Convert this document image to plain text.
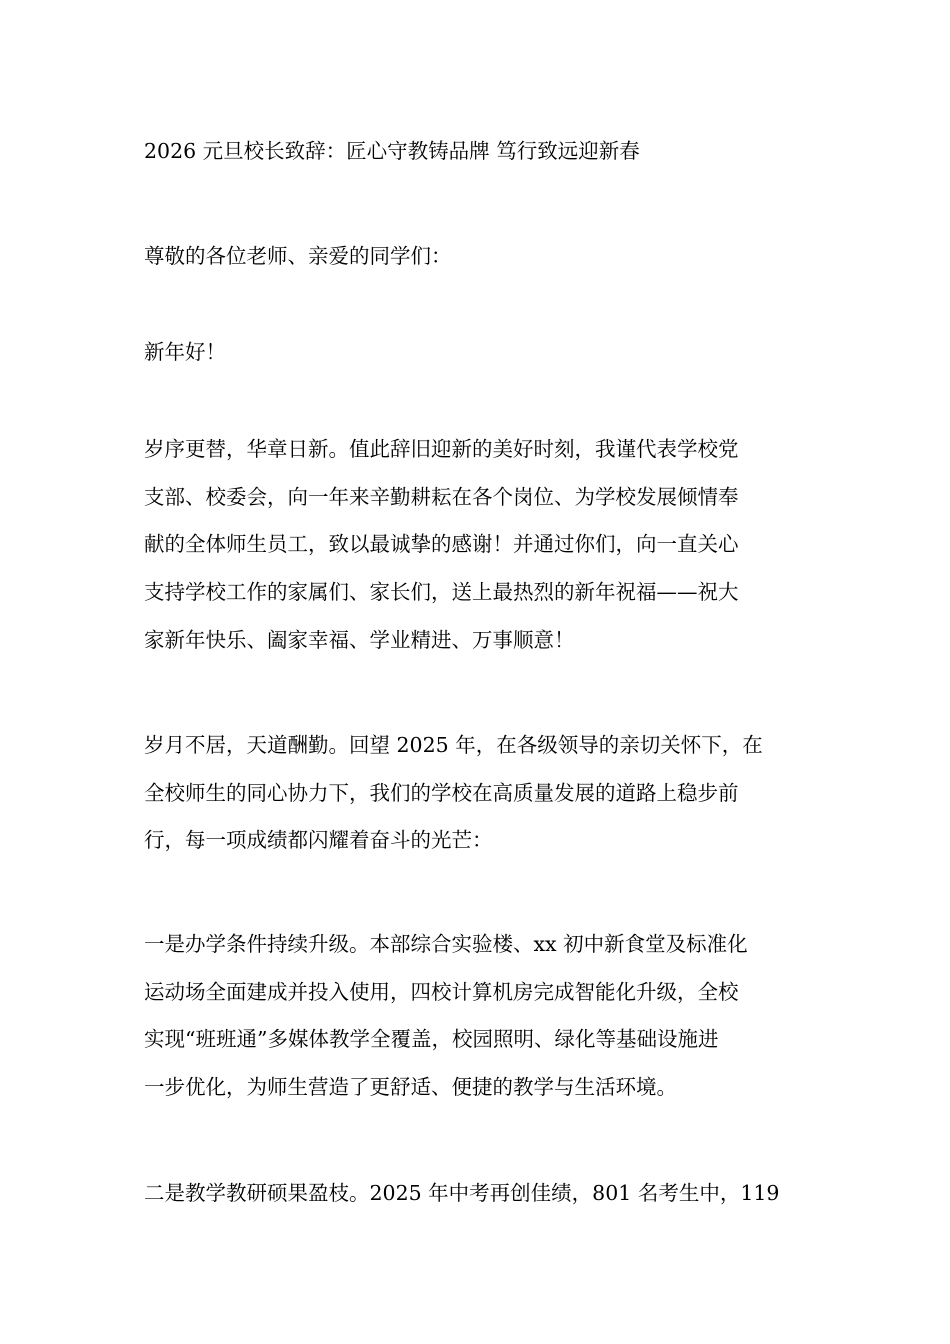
2026 元旦校长致辞：匠心守教铸品牌 笃行致远迎新春

尊敬的各位老师、亲爱的同学们：

新年好！

岁序更替，华章日新。值此辞旧迎新的美好时刻，我谨代表学校党
支部、校委会，向一年来辛勤耕耘在各个岗位、为学校发展倾情奉
献的全体师生员工，致以最诚挚的感谢！并通过你们，向一直关心
支持学校工作的家属们、家长们，送上最热烈的新年祝福——祝大
家新年快乐、阖家幸福、学业精进、万事顺意！

岁月不居，天道酬勤。回望 2025 年，在各级领导的亲切关怀下，在
全校师生的同心协力下，我们的学校在高质量发展的道路上稳步前
行，每一项成绩都闪耀着奋斗的光芒：

一是办学条件持续升级。本部综合实验楼、xx 初中新食堂及标准化
运动场全面建成并投入使用，四校计算机房完成智能化升级，全校
实现“班班通”多媒体教学全覆盖，校园照明、绿化等基础设施进
一步优化，为师生营造了更舒适、便捷的教学与生活环境。

二是教学教研硕果盈枝。2025 年中考再创佳绩，801 名考生中，119
